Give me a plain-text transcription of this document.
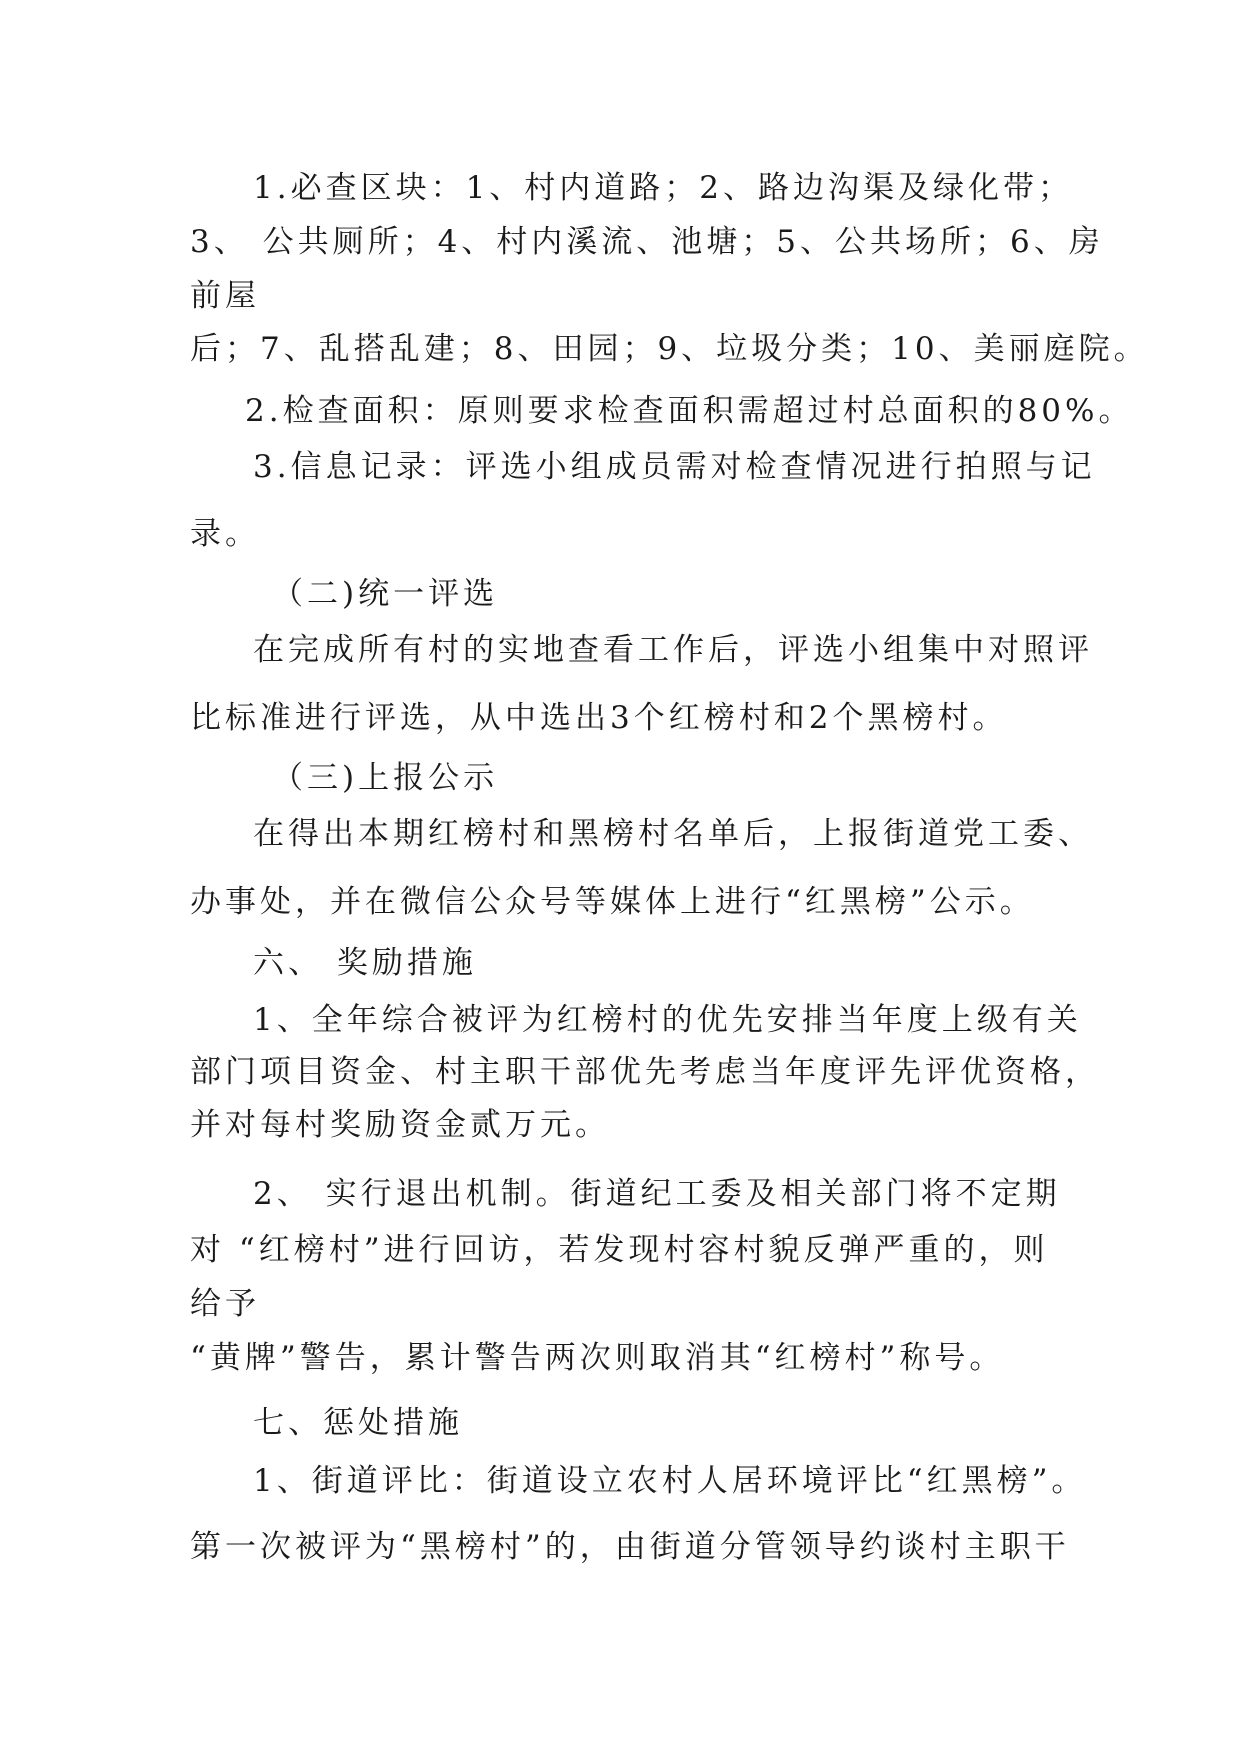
1.必查区块：1、村内道路；2、路边沟渠及绿化带；
3、 公共厕所；4、村内溪流、池塘；5、公共场所；6、房
前屋
后；7、乱搭乱建；8、田园；9、垃圾分类；10、美丽庭院。
2.检查面积：原则要求检查面积需超过村总面积的80%。
3.信息记录：评选小组成员需对检查情况进行拍照与记
录。
（二)统一评选
在完成所有村的实地查看工作后，评选小组集中对照评
比标准进行评选，从中选出3个红榜村和2个黑榜村。
（三)上报公示
在得出本期红榜村和黑榜村名单后，上报街道党工委、
办事处，并在微信公众号等媒体上进行“红黑榜”公示。
六、 奖励措施
1、全年综合被评为红榜村的优先安排当年度上级有关
部门项目资金、村主职干部优先考虑当年度评先评优资格，
并对每村奖励资金贰万元。
2、 实行退出机制。街道纪工委及相关部门将不定期
对 “红榜村”进行回访，若发现村容村貌反弹严重的，则
给予
“黄牌”警告，累计警告两次则取消其“红榜村”称号。
七、惩处措施
1、街道评比：街道设立农村人居环境评比“红黑榜”。
第一次被评为“黑榜村”的，由街道分管领导约谈村主职干
